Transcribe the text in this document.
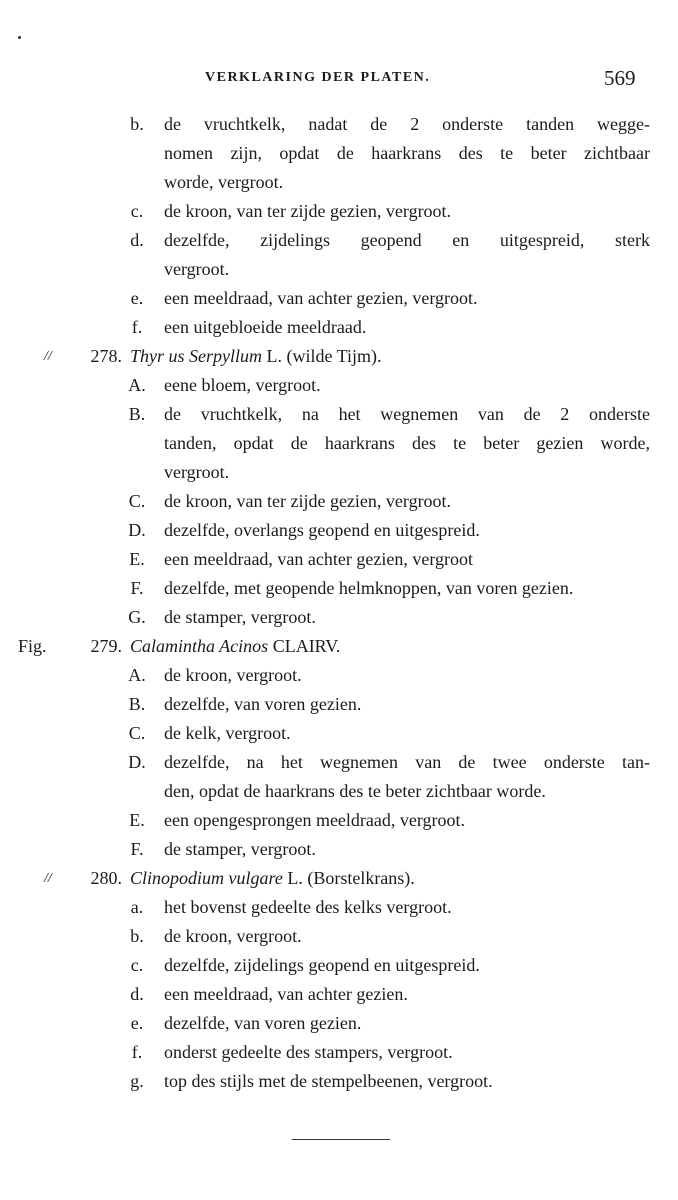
VERKLARING DER PLATEN.	569
b.	de vruchtkelk, nadat de 2 onderste tanden wegge-
nomen zijn, opdat de haarkrans des te beter zichtbaar
worde, vergroot.
c.	de kroon, van ter zijde gezien, vergroot.
d.	dezelfde, zijdelings geopend en uitgespreid, sterk
vergroot.
e.	een meeldraad, van achter gezien, vergroot.
f.	een uitgebloeide meeldraad.
//	278. Thyr us Serpyllum L. (wilde Tijm).
A.	eene bloem, vergroot.
B.	de vruchtkelk, na het wegnemen van de 2 onderste
tanden, opdat de haarkrans des te beter gezien worde,
vergroot.
C.	de kroon, van ter zijde gezien, vergroot.
D.	dezelfde, overlangs geopend en uitgespreid.
E.	een meeldraad, van achter gezien, vergroot
F.	dezelfde, met geopende helmknoppen, van voren gezien.
G.	de stamper, vergroot.
Fig.	279. Calamintha Acinos CLAIRV.
A.	de kroon, vergroot.
B.	dezelfde, van voren gezien.
C.	de kelk, vergroot.
D.	dezelfde, na het wegnemen van de twee onderste tan-
den, opdat de haarkrans des te beter zichtbaar worde.
E.	een opengesprongen meeldraad, vergroot.
F.	de stamper, vergroot.
//	280. Clinopodium vulgare L. (Borstelkrans).
a.	het bovenst gedeelte des kelks vergroot.
b.	de kroon, vergroot.
c.	dezelfde, zijdelings geopend en uitgespreid.
d.	een meeldraad, van achter gezien.
e.	dezelfde, van voren gezien.
f.	onderst gedeelte des stampers, vergroot.
g.	top des stijls met de stempelbeenen, vergroot.
